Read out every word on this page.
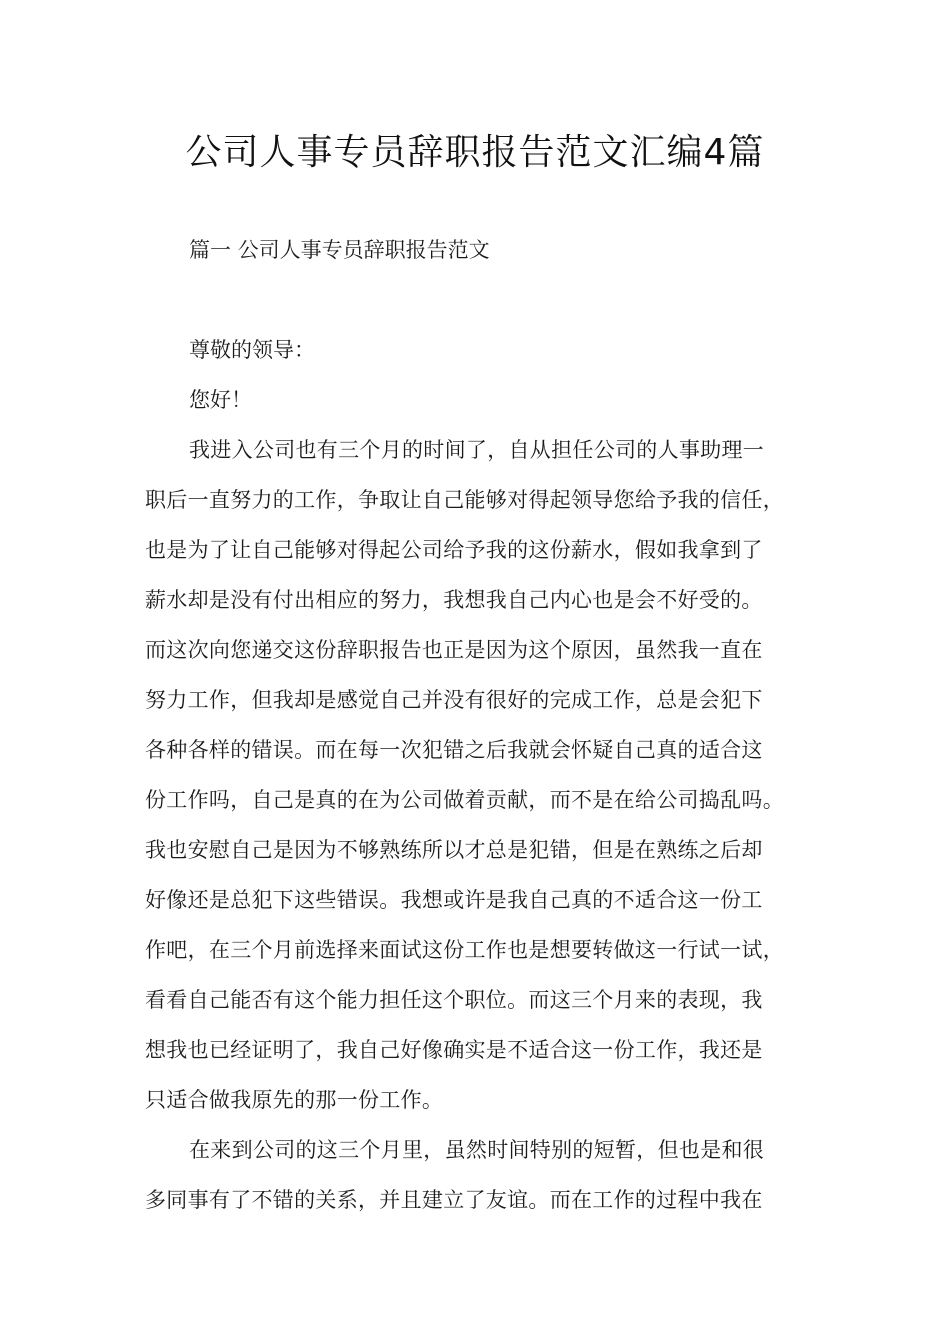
公司人事专员辞职报告范文汇编4篇
篇一 公司人事专员辞职报告范文

尊敬的领导：

您好！

我进入公司也有三个月的时间了，自从担任公司的人事助理一
职后一直努力的工作，争取让自己能够对得起领导您给予我的信任，
也是为了让自己能够对得起公司给予我的这份薪水，假如我拿到了
薪水却是没有付出相应的努力，我想我自己内心也是会不好受的。
而这次向您递交这份辞职报告也正是因为这个原因，虽然我一直在
努力工作，但我却是感觉自己并没有很好的完成工作，总是会犯下
各种各样的错误。而在每一次犯错之后我就会怀疑自己真的适合这
份工作吗，自己是真的在为公司做着贡献，而不是在给公司捣乱吗。
我也安慰自己是因为不够熟练所以才总是犯错，但是在熟练之后却
好像还是总犯下这些错误。我想或许是我自己真的不适合这一份工
作吧，在三个月前选择来面试这份工作也是想要转做这一行试一试，
看看自己能否有这个能力担任这个职位。而这三个月来的表现，我
想我也已经证明了，我自己好像确实是不适合这一份工作，我还是
只适合做我原先的那一份工作。
在来到公司的这三个月里，虽然时间特别的短暂，但也是和很
多同事有了不错的关系，并且建立了友谊。而在工作的过程中我在
